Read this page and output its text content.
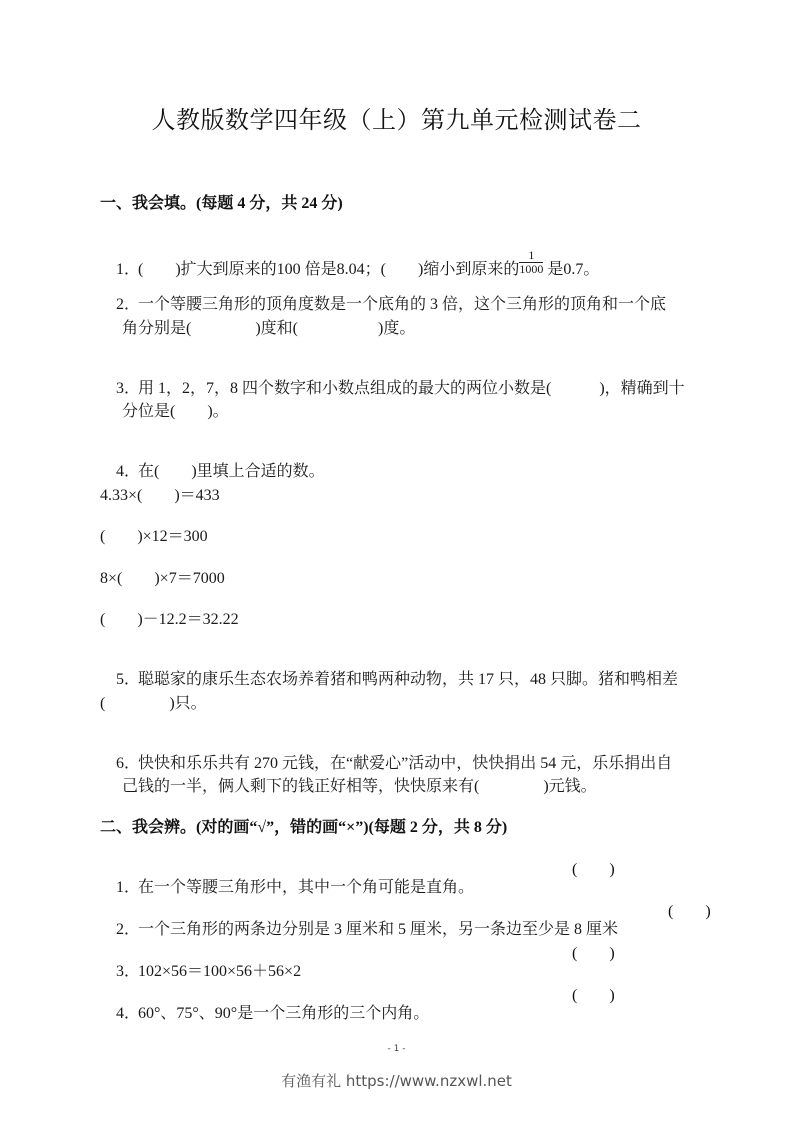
人教版数学四年级（上）第九单元检测试卷二
一、我会填。(每题 4 分，共 24 分)

1．(　　)扩大到原来的100 倍是8.04；(　　)缩小到原来的 $\frac{1}{1000}$ 是0.7。

2．一个等腰三角形的顶角度数是一个底角的 3 倍，这个三角形的顶角和一个底

角分别是(　　　　)度和(　　　　　)度。

3．用 1，2，7，8 四个数字和小数点组成的最大的两位小数是(　　　)，精确到十

分位是(　　)。

4．在(　　)里填上合适的数。

4.33×(　　)＝433
(　　)×12＝300
8×(　　)×7＝7000
(　　)－12.2＝32.22

5．聪聪家的康乐生态农场养着猪和鸭两种动物，共 17 只，48 只脚。猪和鸭相差

(　　　　)只。

6．快快和乐乐共有 270 元钱，在“献爱心”活动中，快快捐出 54 元，乐乐捐出自

己钱的一半，俩人剩下的钱正好相等，快快原来有(　　　　)元钱。
二、我会辨。(对的画“√”，错的画“×”)(每题 2 分，共 8 分)

1．在一个等腰三角形中，其中一个角可能是直角。

(　　)

2．一个三角形的两条边分别是 3 厘米和 5 厘米，另一条边至少是 8 厘米

(　　)

3．102×56＝100×56＋56×2

(　　)

4．60°、75°、90°是一个三角形的三个内角。

(　　)
- 1 -
有渔有礼 https://www.nzxwl.net
